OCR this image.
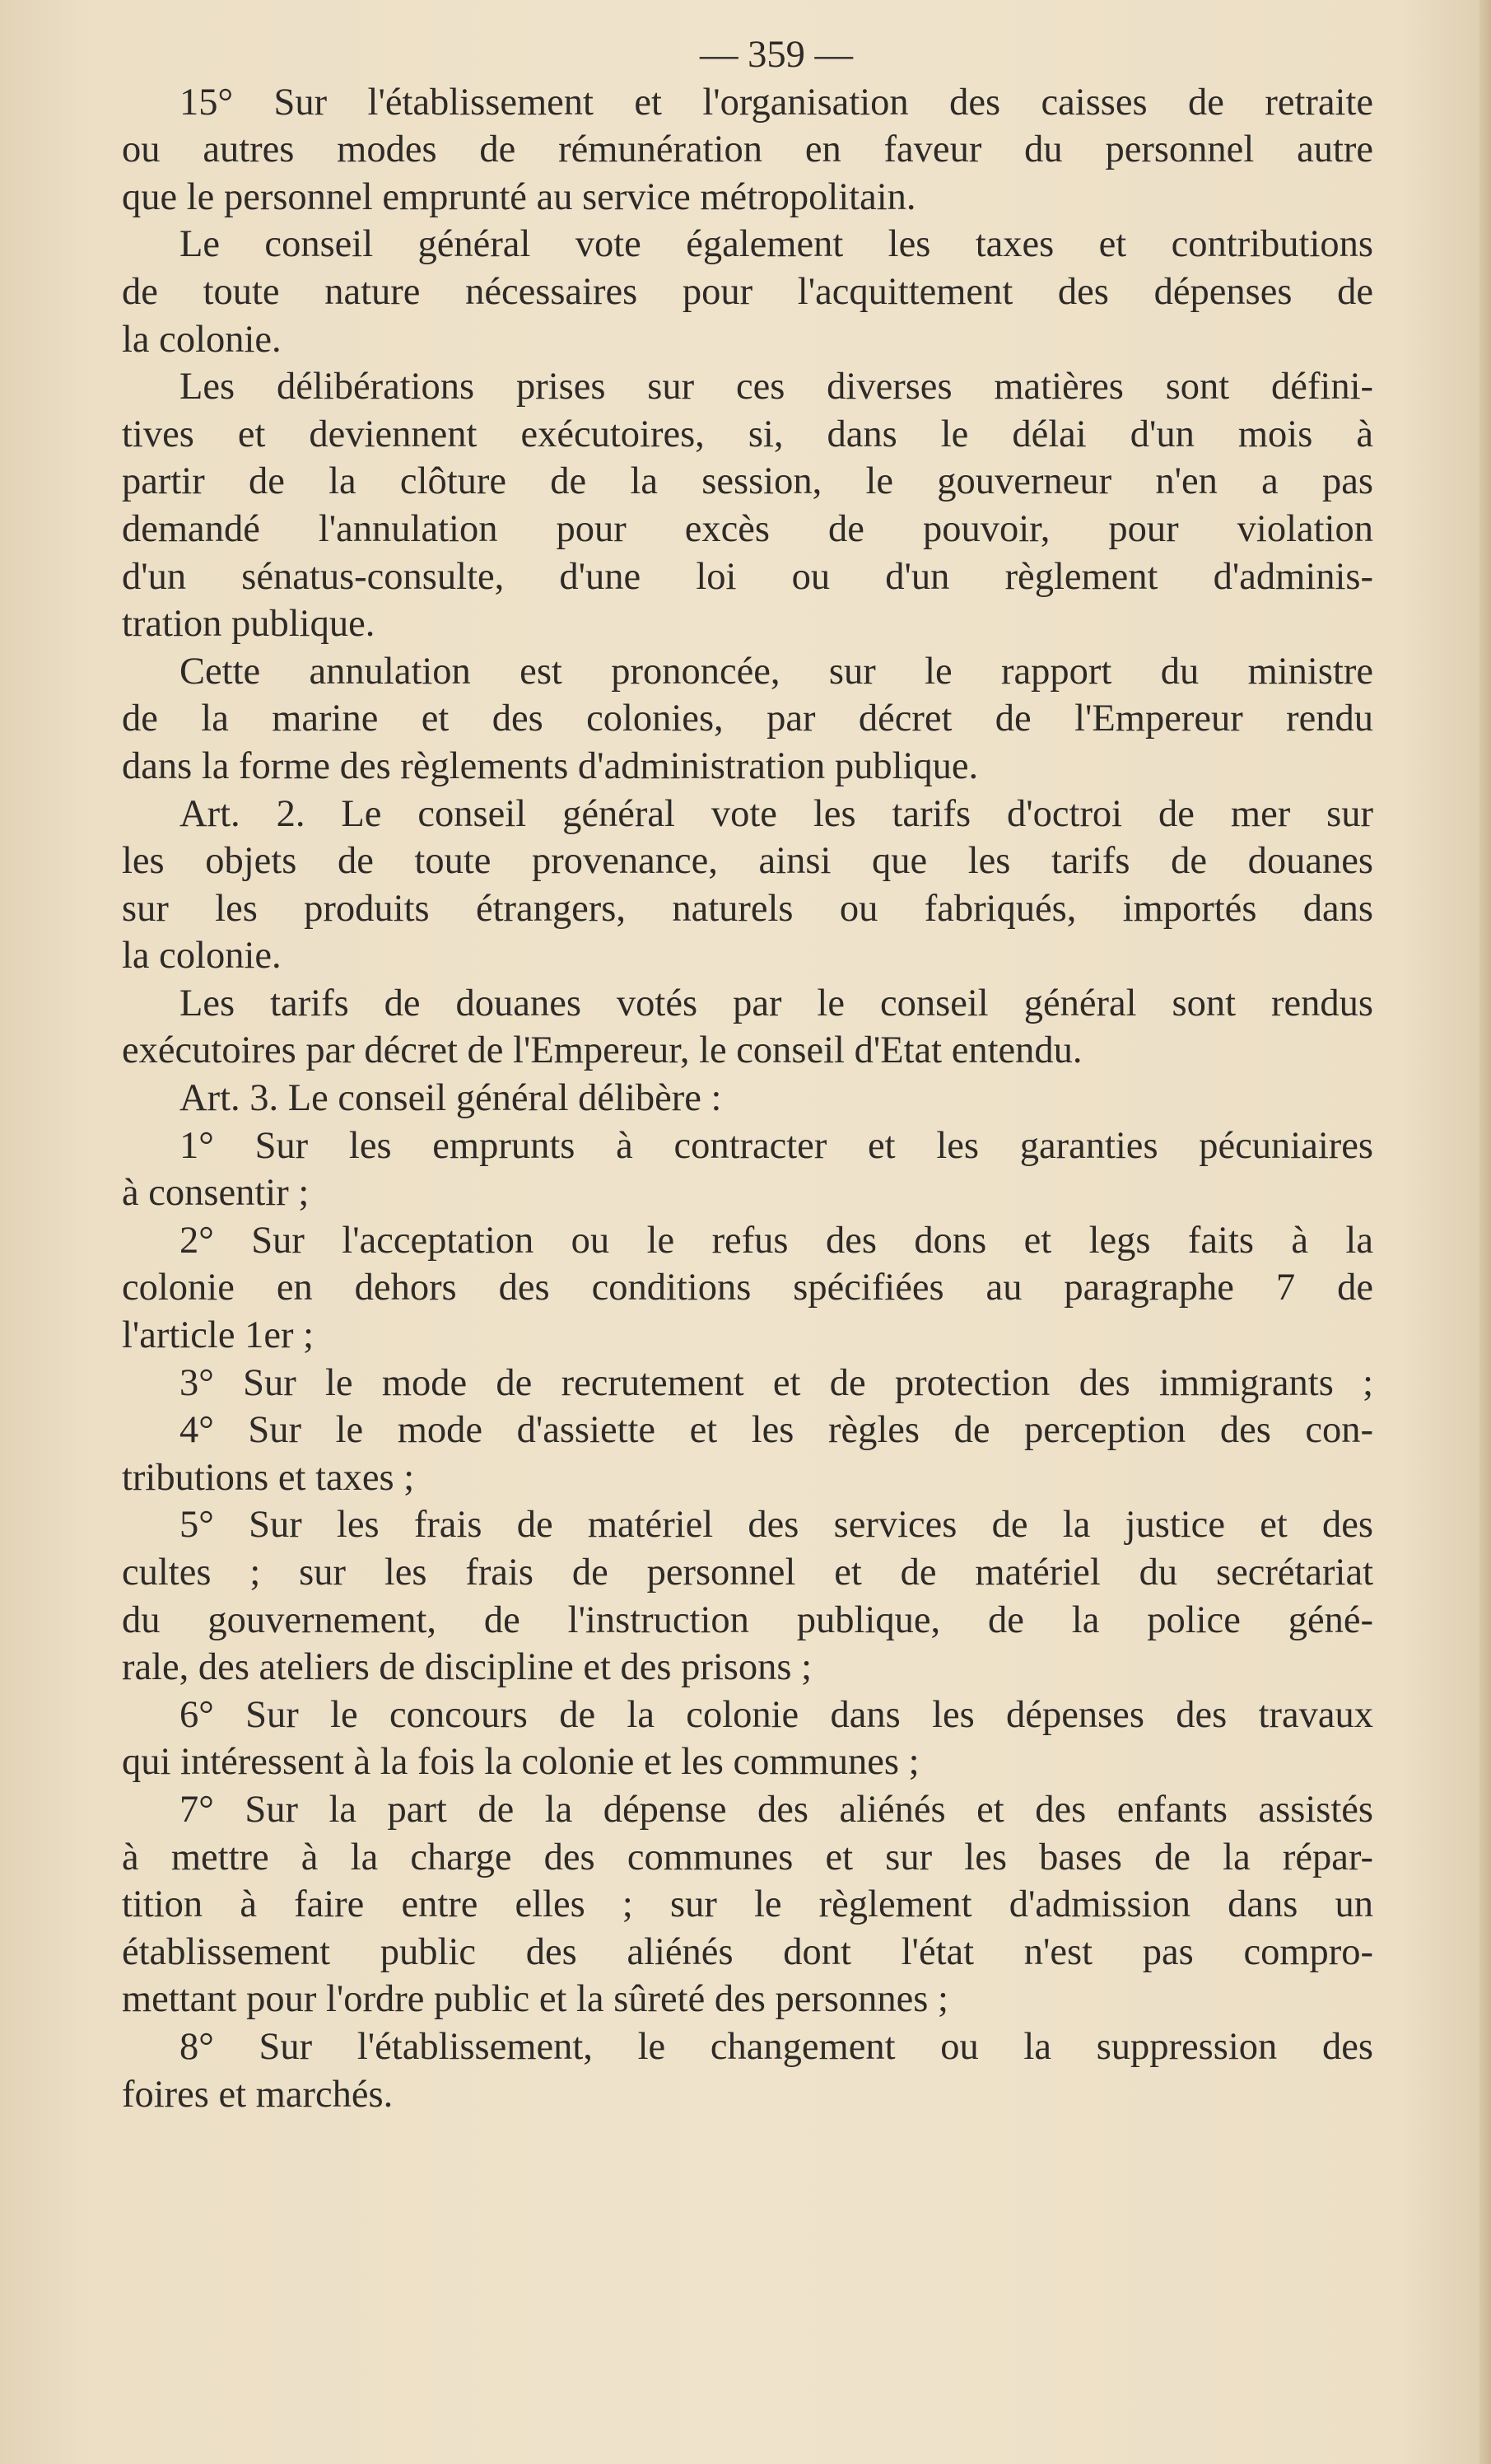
— 359 —
15° Sur l'établissement et l'organisation des caisses de retraite
ou autres modes de rémunération en faveur du personnel autre
que le personnel emprunté au service métropolitain.
Le conseil général vote également les taxes et contributions
de toute nature nécessaires pour l'acquittement des dépenses de
la colonie.
Les délibérations prises sur ces diverses matières sont défini-
tives et deviennent exécutoires, si, dans le délai d'un mois à
partir de la clôture de la session, le gouverneur n'en a pas
demandé l'annulation pour excès de pouvoir, pour violation
d'un sénatus-consulte, d'une loi ou d'un règlement d'adminis-
tration publique.
Cette annulation est prononcée, sur le rapport du ministre
de la marine et des colonies, par décret de l'Empereur rendu
dans la forme des règlements d'administration publique.
Art. 2. Le conseil général vote les tarifs d'octroi de mer sur
les objets de toute provenance, ainsi que les tarifs de douanes
sur les produits étrangers, naturels ou fabriqués, importés dans
la colonie.
Les tarifs de douanes votés par le conseil général sont rendus
exécutoires par décret de l'Empereur, le conseil d'Etat entendu.
Art. 3. Le conseil général délibère :
1° Sur les emprunts à contracter et les garanties pécuniaires
à consentir ;
2° Sur l'acceptation ou le refus des dons et legs faits à la
colonie en dehors des conditions spécifiées au paragraphe 7 de
l'article 1er ;
3° Sur le mode de recrutement et de protection des immigrants ;
4° Sur le mode d'assiette et les règles de perception des con-
tributions et taxes ;
5° Sur les frais de matériel des services de la justice et des
cultes ; sur les frais de personnel et de matériel du secrétariat
du gouvernement, de l'instruction publique, de la police géné-
rale, des ateliers de discipline et des prisons ;
6° Sur le concours de la colonie dans les dépenses des travaux
qui intéressent à la fois la colonie et les communes ;
7° Sur la part de la dépense des aliénés et des enfants assistés
à mettre à la charge des communes et sur les bases de la répar-
tition à faire entre elles ; sur le règlement d'admission dans un
établissement public des aliénés dont l'état n'est pas compro-
mettant pour l'ordre public et la sûreté des personnes ;
8° Sur l'établissement, le changement ou la suppression des
foires et marchés.
